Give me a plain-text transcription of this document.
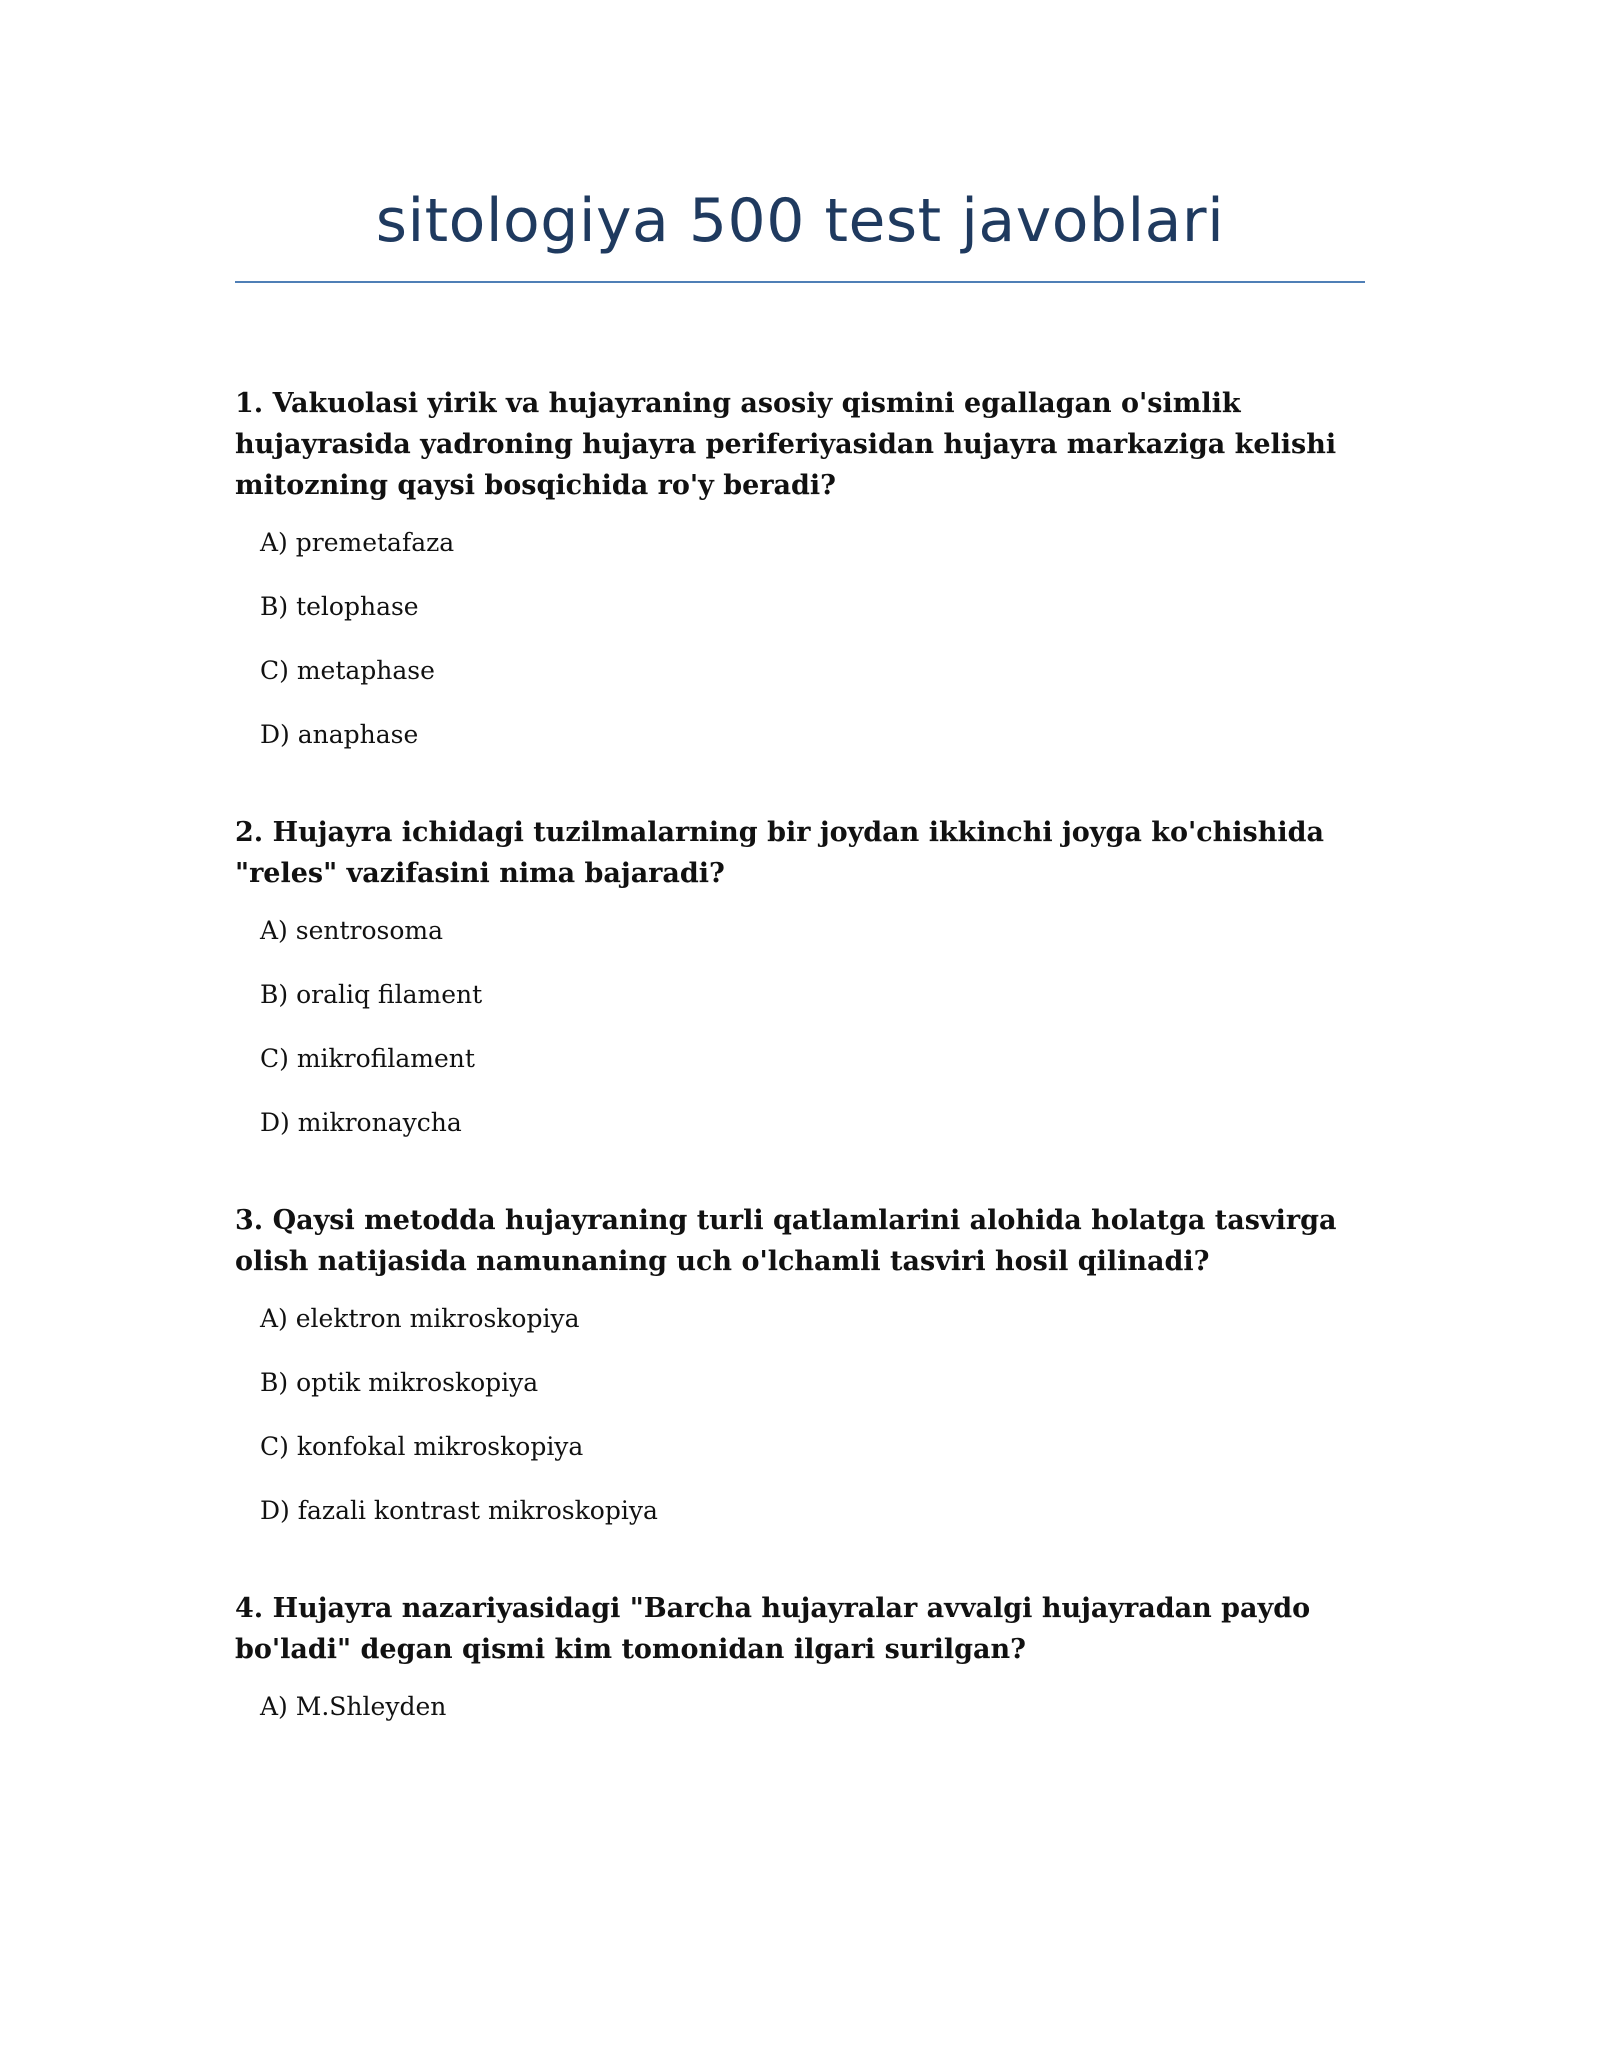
sitologiya 500 test javoblari

1. Vakuolasi yirik va hujayraning asosiy qismini egallagan o'simlik hujayrasida yadroning hujayra periferiyasidan hujayra markaziga kelishi mitozning qaysi bosqichida ro'y beradi?

A) premetafaza
B) telophase
C) metaphase
D) anaphase

2. Hujayra ichidagi tuzilmalarning bir joydan ikkinchi joyga ko'chishida "reles" vazifasini nima bajaradi?

A) sentrosoma
B) oraliq filament
C) mikrofilament
D) mikronaycha

3. Qaysi metodda hujayraning turli qatlamlarini alohida holatga tasvirga olish natijasida namunaning uch o'lchamli tasviri hosil qilinadi?

A) elektron mikroskopiya
B) optik mikroskopiya
C) konfokal mikroskopiya
D) fazali kontrast mikroskopiya

4. Hujayra nazariyasidagi "Barcha hujayralar avvalgi hujayradan paydo bo'ladi" degan qismi kim tomonidan ilgari surilgan?

A) M.Shleyden
